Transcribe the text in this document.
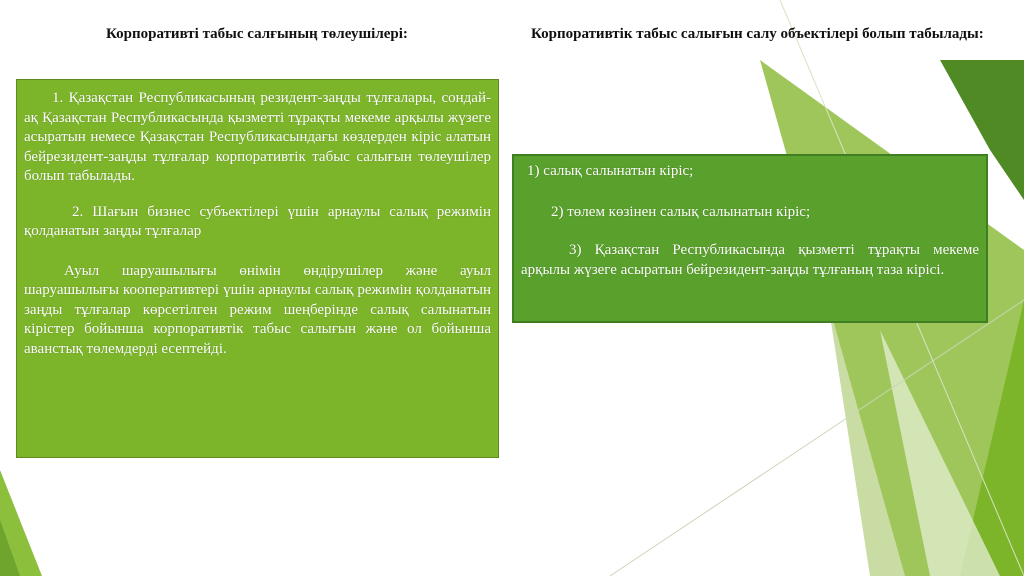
Корпоративті табыс салғының төлеушілері:	Корпоративтік табыс салығын салу объектілері болып табылады:

1. Қазақстан Республикасының резидент-заңды тұлғалары, сондай-ақ Қазақстан Республикасында қызметті тұрақты мекеме арқылы жүзеге асыратын немесе Қазақстан Республикасындағы көздерден кіріс алатын бейрезидент-заңды тұлғалар корпоративтік табыс салығын төлеушілер болып табылады.

2. Шағын бизнес субъектілері үшін арнаулы салық режимін қолданатын заңды тұлғалар

Ауыл шаруашылығы өнімін өндірушілер және ауыл шаруашылығы кооперативтері үшін арнаулы салық режимін қолданатын заңды тұлғалар көрсетілген режим шеңберінде салық салынатын кірістер бойынша корпоративтік табыс салығын және ол бойынша аванстық төлемдерді есептейді.

1) салық салынатын кіріс;

2) төлем көзінен салық салынатын кіріс;

3) Қазақстан Республикасында қызметті тұрақты мекеме арқылы жүзеге асыратын бейрезидент-заңды тұлғаның таза кірісі.
